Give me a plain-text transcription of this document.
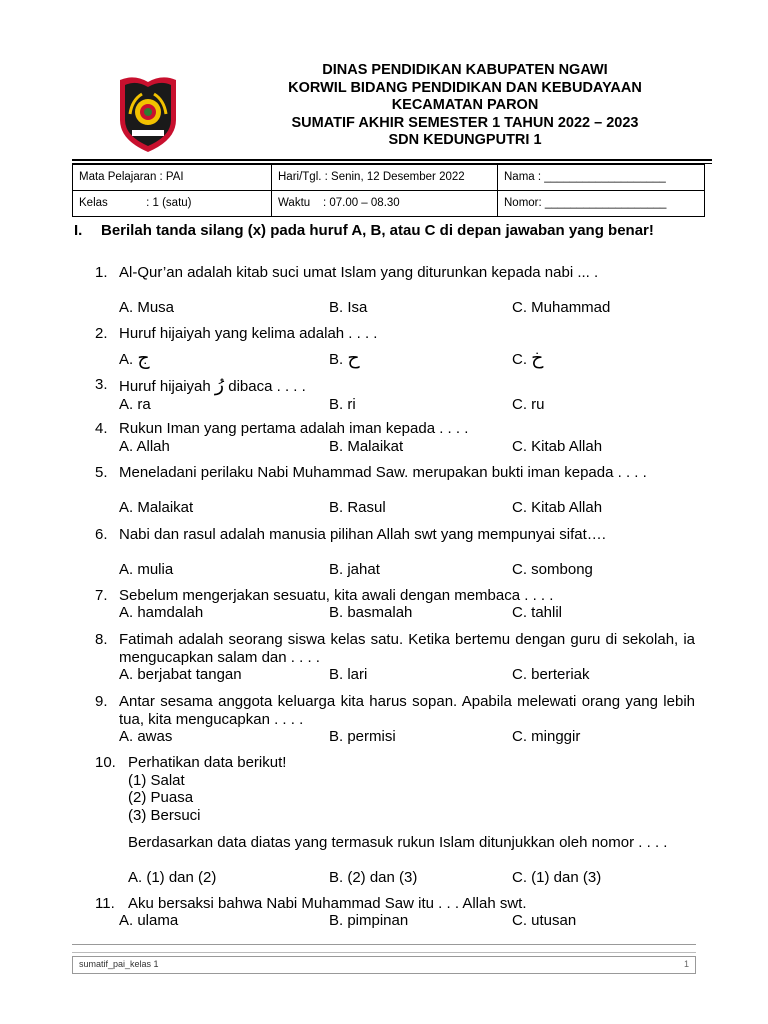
DINAS PENDIDIKAN KABUPATEN NGAWI
KORWIL BIDANG PENDIDIKAN DAN KEBUDAYAAN
KECAMATAN PARON
SUMATIF AKHIR SEMESTER 1 TAHUN 2022 – 2023
SDN KEDUNGPUTRI 1
Mata Pelajaran : PAI	Hari/Tgl. : Senin, 12 Desember 2022	Nama : ___________________
Kelas            : 1 (satu)	Waktu    : 07.00 – 08.30	Nomor: ___________________
I. Berilah tanda silang (x) pada huruf A, B, atau C di depan jawaban yang benar!
1. Al-Qur’an adalah kitab suci umat Islam yang diturunkan kepada nabi ... .
A. Musa	B. Isa	C. Muhammad
2. Huruf hijaiyah yang kelima adalah . . . .
A. ج	B. ح	C. خ
3. Huruf hijaiyah رُ dibaca . . . .
A. ra	B. ri	C. ru
4. Rukun Iman yang pertama adalah iman kepada . . . .
A. Allah	B. Malaikat	C. Kitab Allah
5. Meneladani perilaku Nabi Muhammad Saw. merupakan bukti iman kepada . . . .
A. Malaikat	B. Rasul	C. Kitab Allah
6. Nabi dan rasul adalah manusia pilihan Allah swt yang mempunyai sifat….
A. mulia	B. jahat	C. sombong
7. Sebelum mengerjakan sesuatu, kita awali dengan membaca . . . .
A. hamdalah	B. basmalah	C. tahlil
8. Fatimah adalah seorang siswa kelas satu. Ketika bertemu dengan guru di sekolah, ia mengucapkan salam dan . . . .
A. berjabat tangan	B. lari	C. berteriak
9. Antar sesama anggota keluarga kita harus sopan. Apabila melewati orang yang lebih tua, kita mengucapkan . . . .
A. awas	B. permisi	C. minggir
10. Perhatikan data berikut!
(1) Salat
(2) Puasa
(3) Bersuci
Berdasarkan data diatas yang termasuk rukun Islam ditunjukkan oleh nomor . . . .
A. (1) dan (2)	B. (2) dan (3)	C. (1) dan (3)
11. Aku bersaksi bahwa Nabi Muhammad Saw itu . . . Allah swt.
A. ulama	B. pimpinan	C. utusan
sumatif_pai_kelas 1	1
